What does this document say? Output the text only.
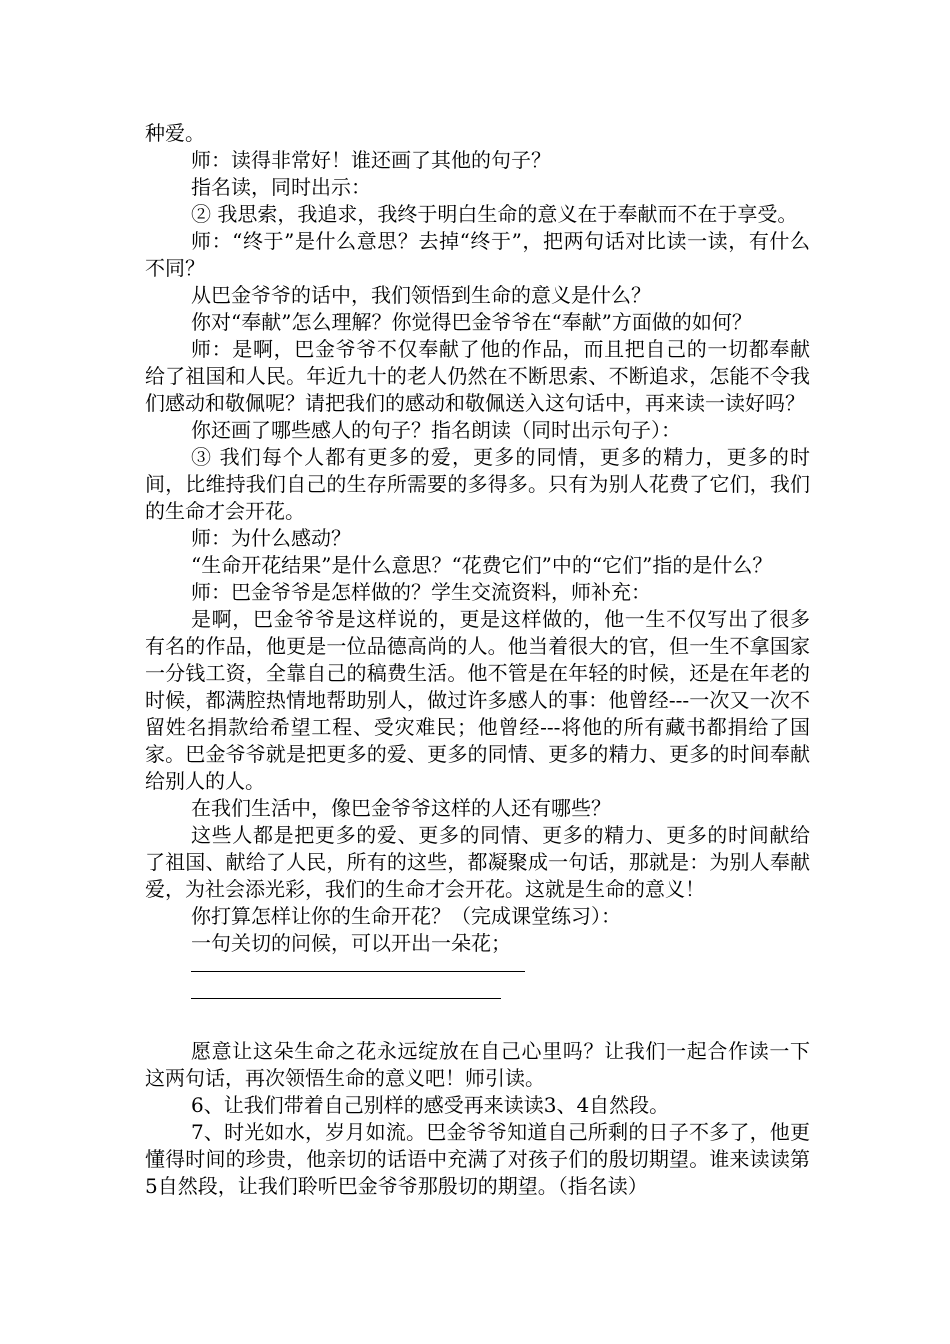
种爱。

师：读得非常好！谁还画了其他的句子？

指名读，同时出示：

② 我思索，我追求，我终于明白生命的意义在于奉献而不在于享受。

师：“终于”是什么意思？去掉“终于”，把两句话对比读一读，有什么不同？

从巴金爷爷的话中，我们领悟到生命的意义是什么？

你对“奉献”怎么理解？你觉得巴金爷爷在“奉献”方面做的如何？

师：是啊，巴金爷爷不仅奉献了他的作品，而且把自己的一切都奉献给了祖国和人民。年近九十的老人仍然在不断思索、不断追求，怎能不令我们感动和敬佩呢？请把我们的感动和敬佩送入这句话中，再来读一读好吗？

你还画了哪些感人的句子？指名朗读（同时出示句子）：

③ 我们每个人都有更多的爱，更多的同情，更多的精力，更多的时间，比维持我们自己的生存所需要的多得多。只有为别人花费了它们，我们的生命才会开花。

师：为什么感动？

“生命开花结果”是什么意思？“花费它们”中的“它们”指的是什么？

师：巴金爷爷是怎样做的？学生交流资料，师补充：

是啊，巴金爷爷是这样说的，更是这样做的，他一生不仅写出了很多有名的作品，他更是一位品德高尚的人。他当着很大的官，但一生不拿国家一分钱工资，全靠自己的稿费生活。他不管是在年轻的时候，还是在年老的时候，都满腔热情地帮助别人，做过许多感人的事：他曾经---一次又一次不留姓名捐款给希望工程、受灾难民；他曾经---将他的所有藏书都捐给了国家。巴金爷爷就是把更多的爱、更多的同情、更多的精力、更多的时间奉献给别人的人。

在我们生活中，像巴金爷爷这样的人还有哪些？

这些人都是把更多的爱、更多的同情、更多的精力、更多的时间献给了祖国、献给了人民，所有的这些，都凝聚成一句话，那就是：为别人奉献爱，为社会添光彩，我们的生命才会开花。这就是生命的意义！

你打算怎样让你的生命开花？（完成课堂练习）：

一句关切的问候，可以开出一朵花；

愿意让这朵生命之花永远绽放在自己心里吗？让我们一起合作读一下这两句话，再次领悟生命的意义吧！师引读。

6、让我们带着自己别样的感受再来读读3、4自然段。

7、时光如水，岁月如流。巴金爷爷知道自己所剩的日子不多了，他更懂得时间的珍贵，他亲切的话语中充满了对孩子们的殷切期望。谁来读读第5自然段，让我们聆听巴金爷爷那殷切的期望。（指名读）
